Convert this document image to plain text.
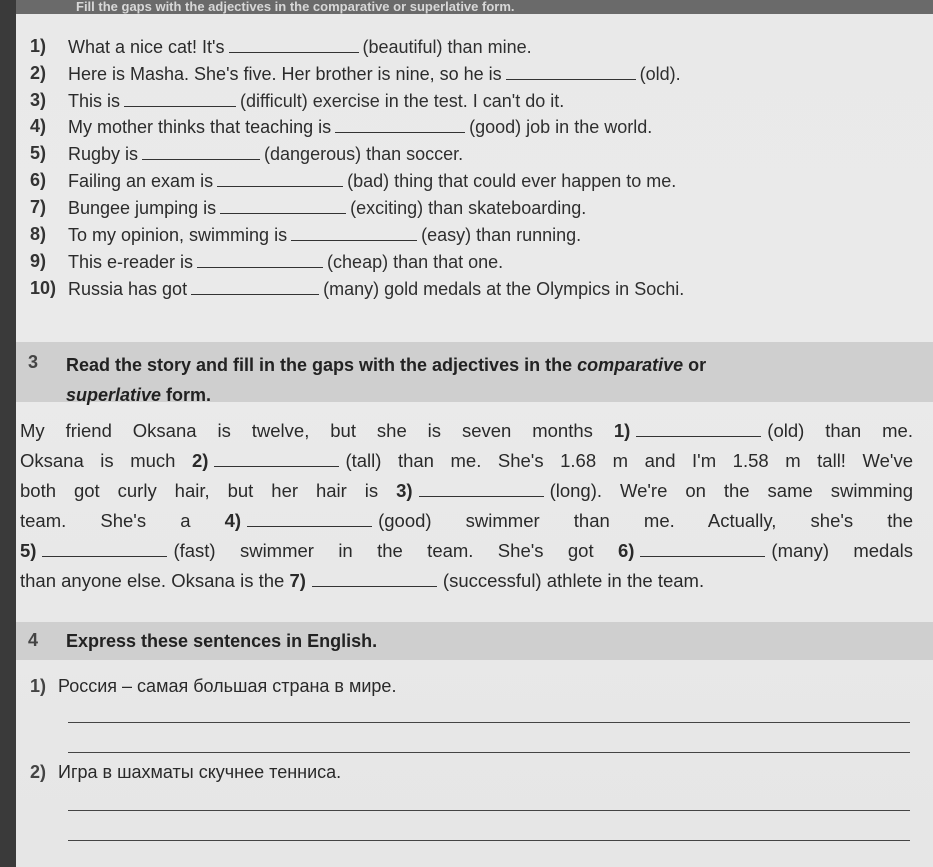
Fill the gaps with the adjectives in the comparative or superlative form.
1) What a nice cat! It's	(beautiful) than mine.
2) Here is Masha. She's five. Her brother is nine, so he is	(old).
3) This is	(difficult) exercise in the test. I can't do it.
4) My mother thinks that teaching is	(good) job in the world.
5) Rugby is	(dangerous) than soccer.
6) Failing an exam is	(bad) thing that could ever happen to me.
7) Bungee jumping is	(exciting) than skateboarding.
8) To my opinion, swimming is	(easy) than running.
9) This e-reader is	(cheap) than that one.
10) Russia has got	(many) gold medals at the Olympics in Sochi.
3 Read the story and fill in the gaps with the adjectives in the comparative or
superlative form.

My friend Oksana is twelve, but she is seven months 1)	(old) than me.

Oksana is much 2)	(tall) than me. She's 1.68 m and I'm 1.58 m tall! We've

both got curly hair, but her hair is 3)	(long). We're on the same swimming

team. She's a 4)	(good) swimmer than me. Actually, she's the

5)	(fast) swimmer in the team. She's got 6)	(many) medals

than anyone else. Oksana is the 7)	(successful) athlete in the team.

4 Express these sentences in English.
1) Россия – самая большая страна в мире.
2) Игра в шахматы скучнее тенниса.
